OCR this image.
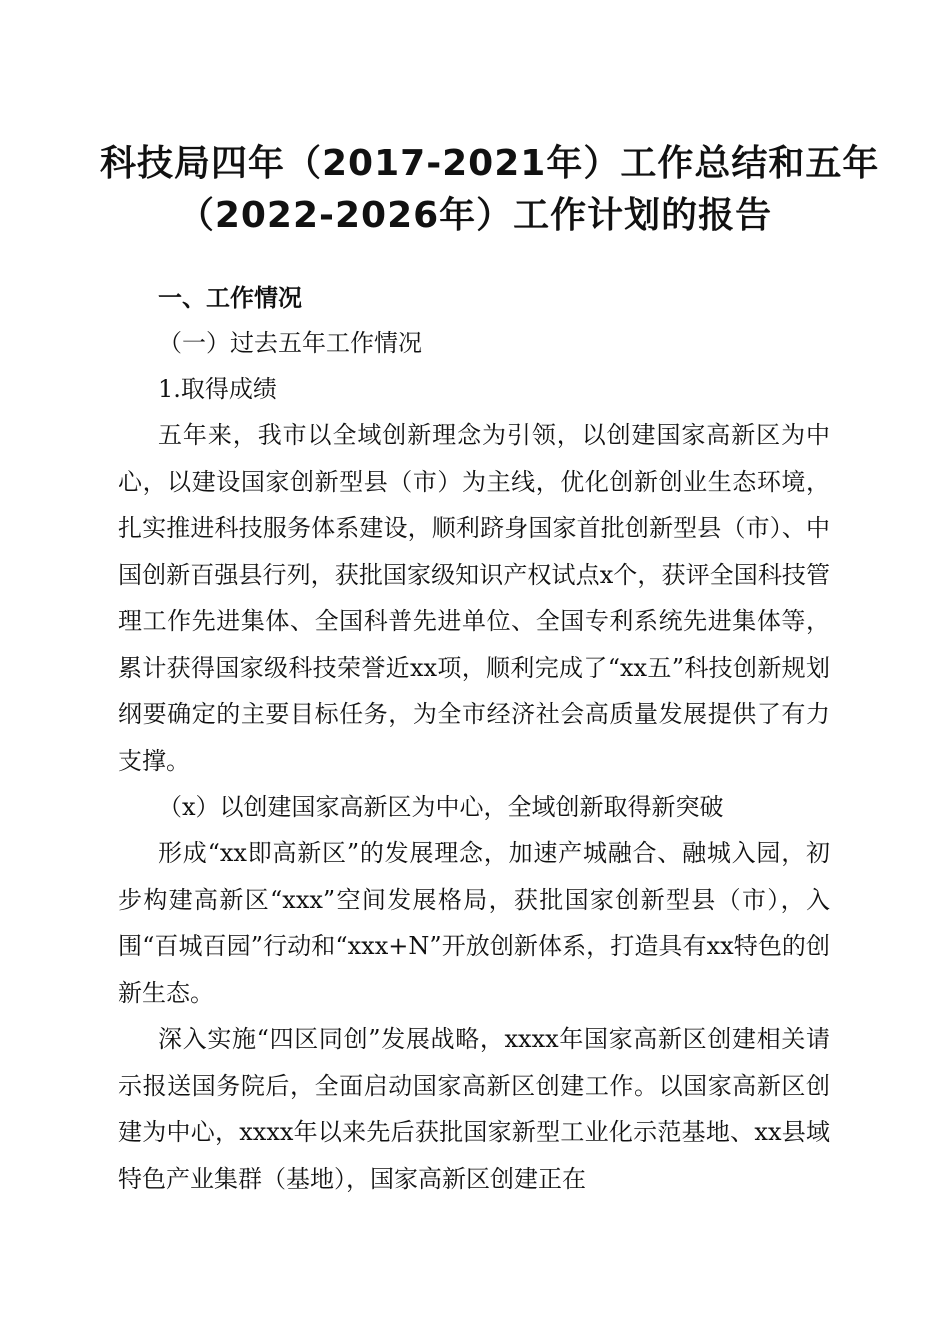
科技局四年（2017-2021年）工作总结和五年
（2022-2026年）工作计划的报告

一、工作情况

（一）过去五年工作情况

1.取得成绩

五年来，我市以全域创新理念为引领，以创建国家高新区为中心，以建设国家创新型县（市）为主线，优化创新创业生态环境，扎实推进科技服务体系建设，顺利跻身国家首批创新型县（市）、中国创新百强县行列，获批国家级知识产权试点x个，获评全国科技管理工作先进集体、全国科普先进单位、全国专利系统先进集体等，累计获得国家级科技荣誉近xx项，顺利完成了“xx五”科技创新规划纲要确定的主要目标任务，为全市经济社会高质量发展提供了有力支撑。

（x）以创建国家高新区为中心，全域创新取得新突破

形成“xx即高新区”的发展理念，加速产城融合、融城入园，初步构建高新区“xxx”空间发展格局，获批国家创新型县（市），入围“百城百园”行动和“xxx+N”开放创新体系，打造具有xx特色的创新生态。

深入实施“四区同创”发展战略，xxxx年国家高新区创建相关请示报送国务院后，全面启动国家高新区创建工作。以国家高新区创建为中心，xxxx年以来先后获批国家新型工业化示范基地、xx县域特色产业集群（基地），国家高新区创建正在
